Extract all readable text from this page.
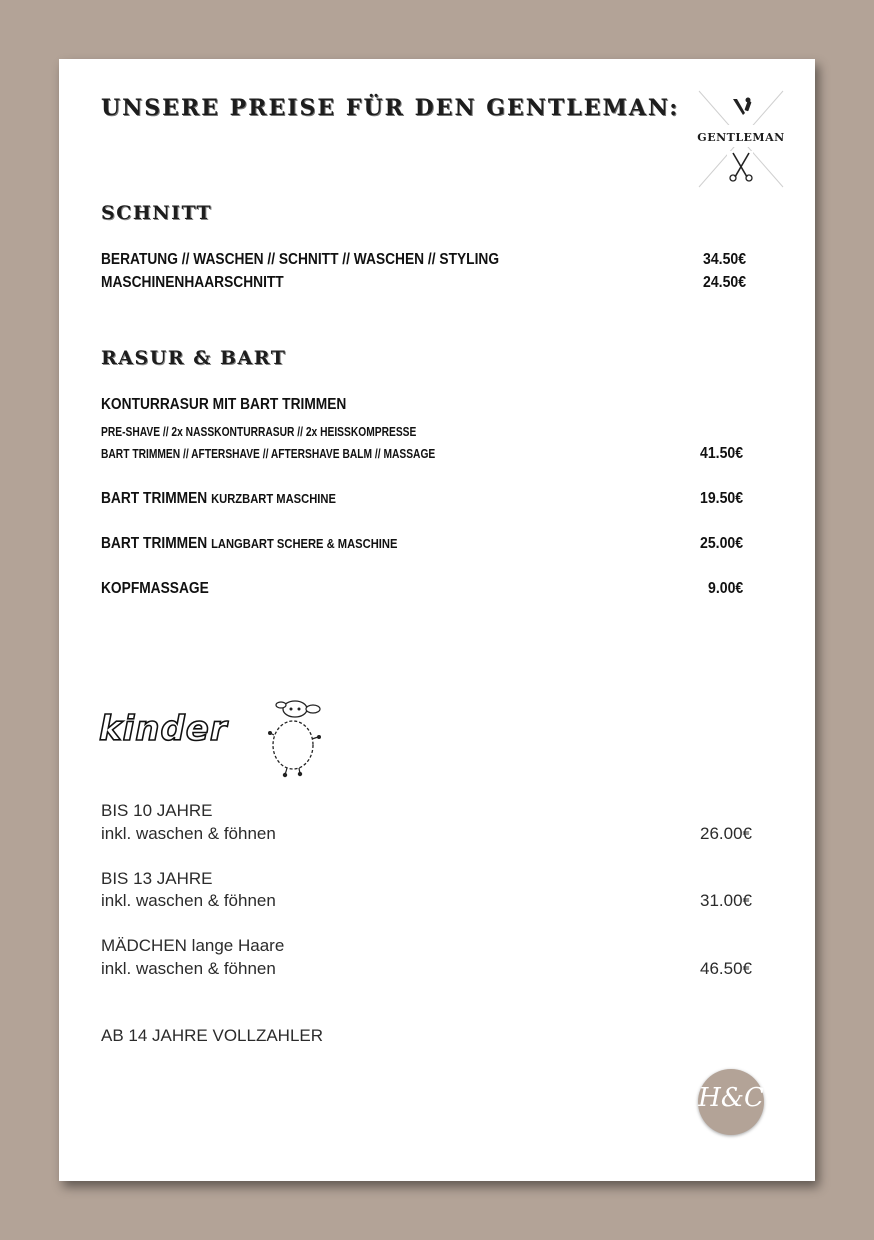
UNSERE PREISE FÜR DEN GENTLEMAN:
GENTLEMAN
SCHNITT
BERATUNG // WASCHEN // SCHNITT // WASCHEN // STYLING	34.50€
MASCHINENHAARSCHNITT	24.50€
RASUR & BART
KONTURRASUR MIT BART TRIMMEN
PRE-SHAVE // 2x NASSKONTURRASUR // 2x HEISSKOMPRESSE
BART TRIMMEN // AFTERSHAVE // AFTERSHAVE BALM // MASSAGE	41.50€
BART TRIMMEN KURZBART MASCHINE	19.50€
BART TRIMMEN LANGBART SCHERE & MASCHINE	25.00€
KOPFMASSAGE	9.00€
kinder
BIS 10 JAHRE
inkl. waschen & föhnen	26.00€
BIS 13 JAHRE
inkl. waschen & föhnen	31.00€
MÄDCHEN lange Haare
inkl. waschen & föhnen	46.50€
AB 14 JAHRE VOLLZAHLER
H&C
